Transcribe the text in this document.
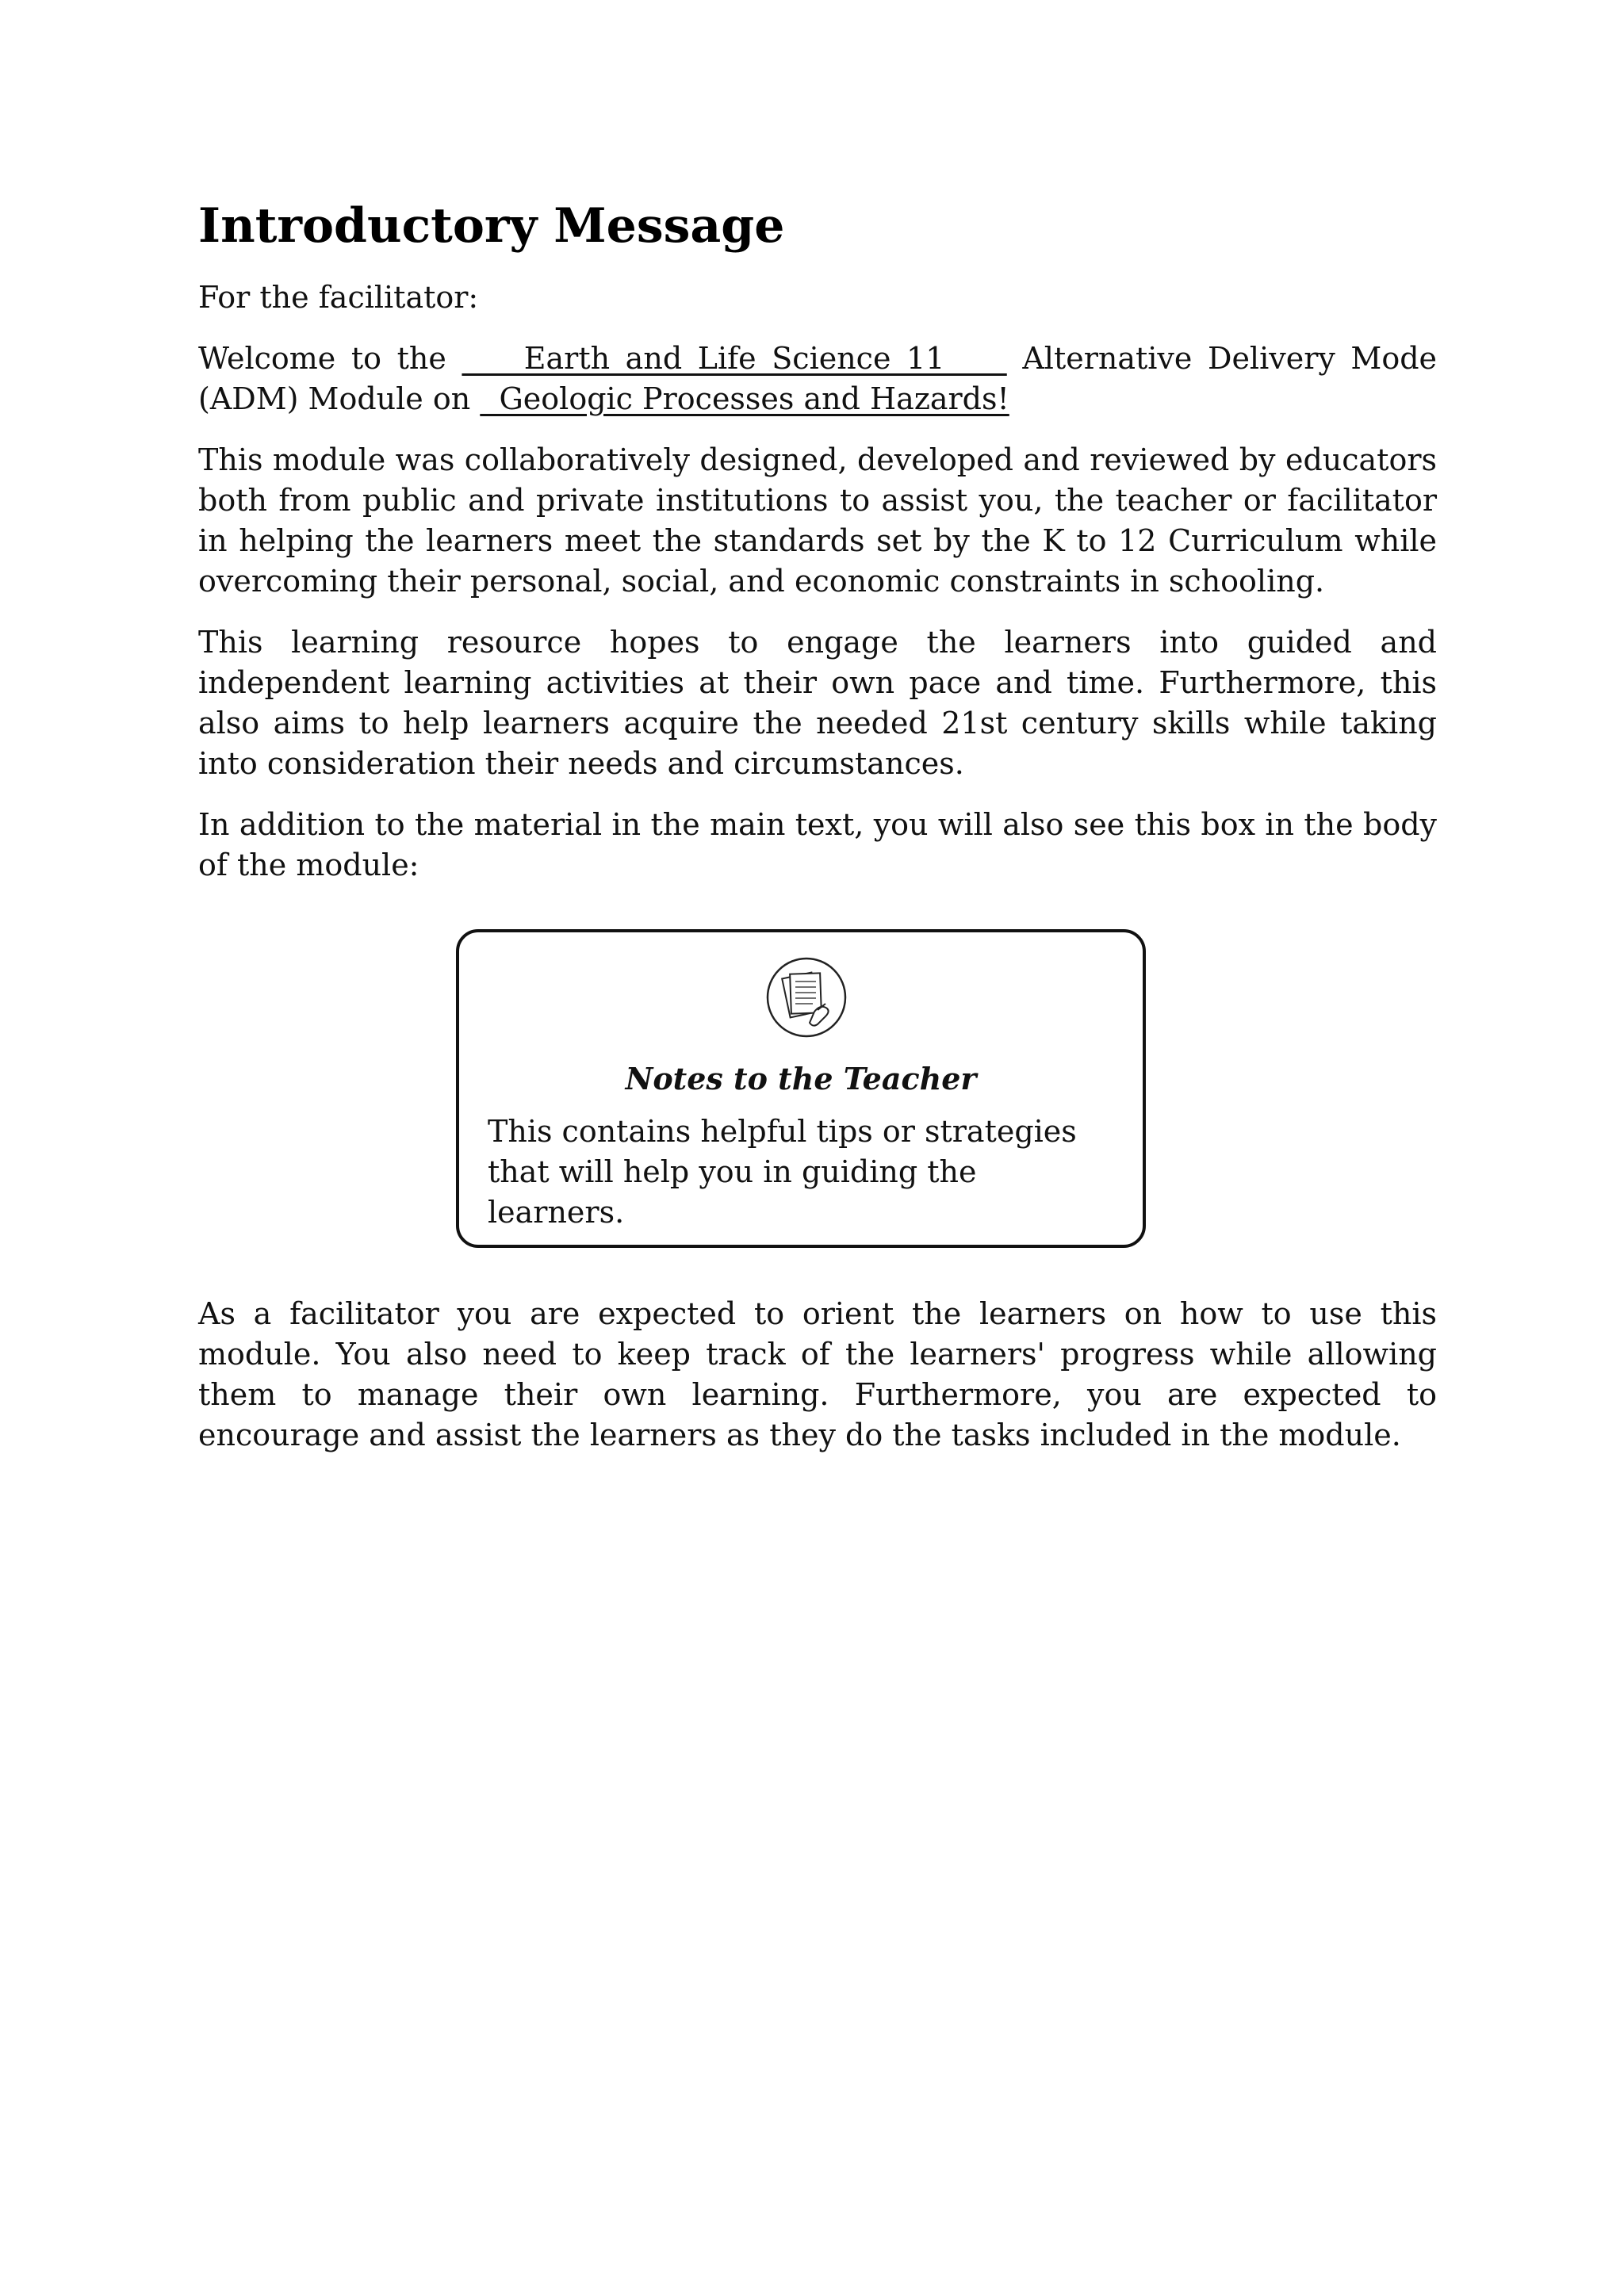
Introductory Message

For the facilitator:

Welcome to the     Earth and Life Science 11     Alternative Delivery Mode (ADM) Module on   Geologic Processes and Hazards!

This module was collaboratively designed, developed and reviewed by educators both from public and private institutions to assist you, the teacher or facilitator in helping the learners meet the standards set by the K to 12 Curriculum while overcoming their personal, social, and economic constraints in schooling.

This learning resource hopes to engage the learners into guided and independent learning activities at their own pace and time. Furthermore, this also aims to help learners acquire the needed 21st century skills while taking into consideration their needs and circumstances.

In addition to the material in the main text, you will also see this box in the body of the module:

Notes to the Teacher
This contains helpful tips or strategies that will help you in guiding the learners.

As a facilitator you are expected to orient the learners on how to use this module. You also need to keep track of the learners' progress while allowing them to manage their own learning. Furthermore, you are expected to encourage and assist the learners as they do the tasks included in the module.
